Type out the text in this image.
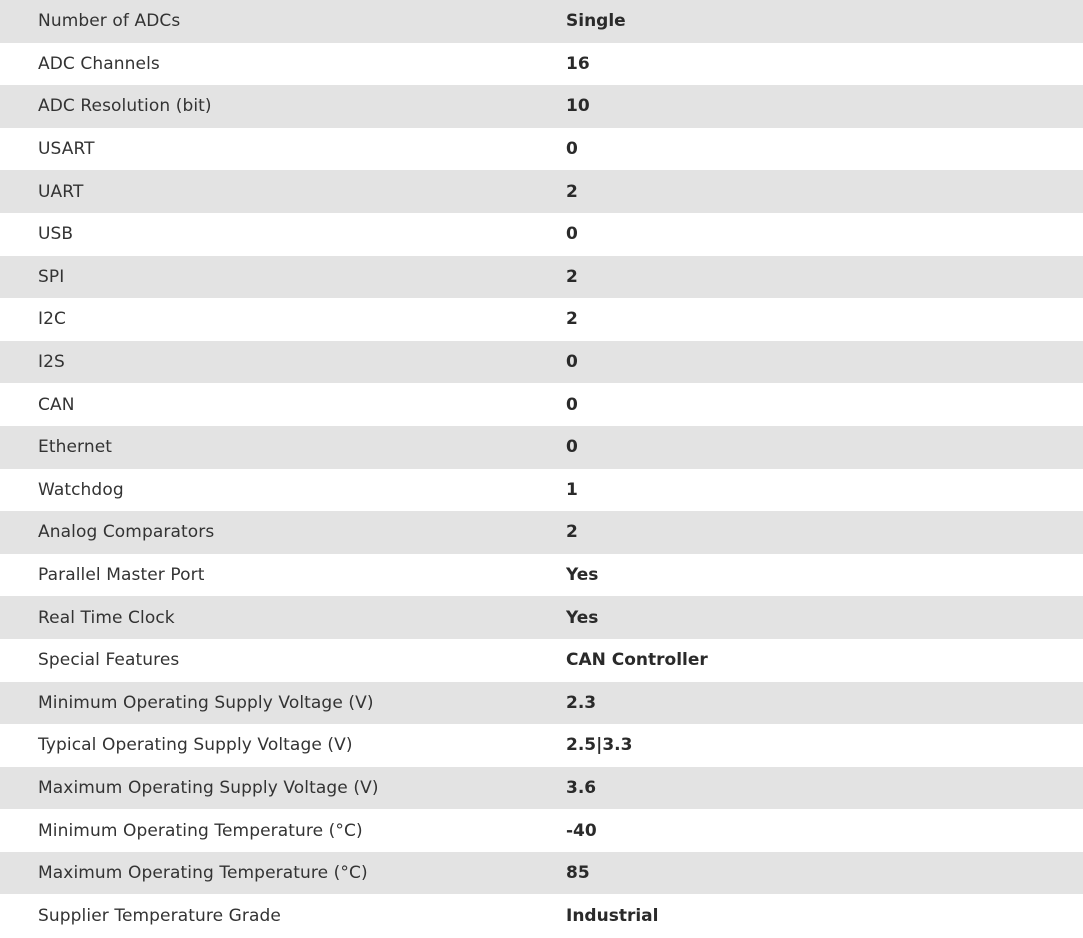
Number of ADCs	Single
ADC Channels	16
ADC Resolution (bit)	10
USART	0
UART	2
USB	0
SPI	2
I2C	2
I2S	0
CAN	0
Ethernet	0
Watchdog	1
Analog Comparators	2
Parallel Master Port	Yes
Real Time Clock	Yes
Special Features	CAN Controller
Minimum Operating Supply Voltage (V)	2.3
Typical Operating Supply Voltage (V)	2.5|3.3
Maximum Operating Supply Voltage (V)	3.6
Minimum Operating Temperature (°C)	-40
Maximum Operating Temperature (°C)	85
Supplier Temperature Grade	Industrial
